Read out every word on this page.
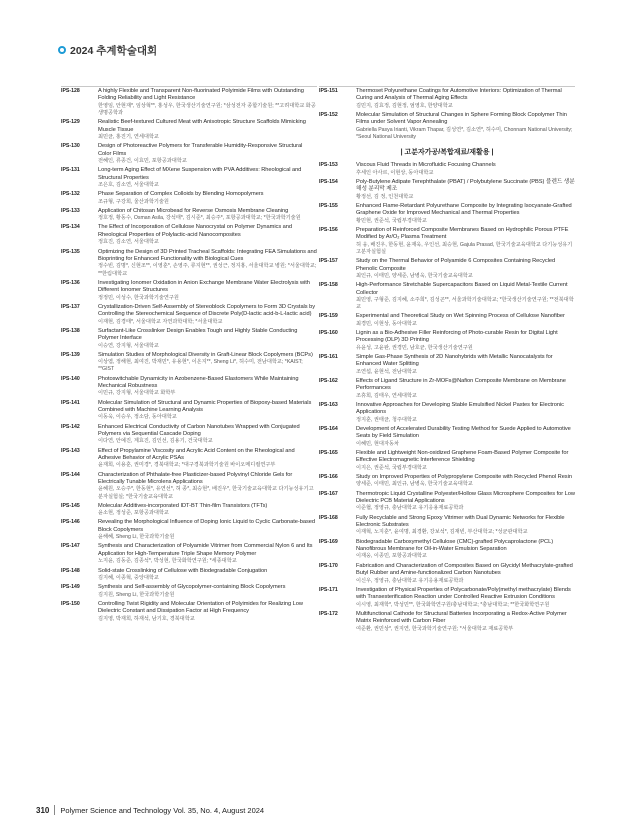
2024 추계학술대회
IPS-128	A highly Flexible and Transparent Non-fluorinated Polyimide Films with Outstanding Folding Reliability and Light Resistance
한영임, 안현재*, 임상혁**, 홍성우, 한국생산기술연구원; *삼성전자 종합기술원; **고려대학교 화공생명공학과
IPS-129	Realistic Beef-textured Cultured Meat with Anisotropic Structure Scaffolds Mimicking Muscle Tissue
최민균, 홍진기, 연세대학교
IPS-130	Design of Photoreactive Polymers for Transferable Humidity-Responsive Structural Color Films
전혜인, 류종건, 이효민, 포항공과대학교
IPS-131	Long-term Aging Effect of MXene Suspension with PVA Additives: Rheological and Structural Properties
조은호, 김소연, 서울대학교
IPS-132	Phase Separation of Complex Colloids by Blending Homopolymers
조규형, 구강희, 울산과학기술원
IPS-133	Application of Chitosan Microbead for Reverse Osmosis Membrane Cleaning
정호정, 황동수, Osman Asila, 강석태*, 김시준*, 최승주*, 포항공과대학교; *한국과학기술원
IPS-134	The Effect of Incorporation of Cellulose Nanocrystal on Polymer Dynamics and Rheological Properties of Polylactic-acid Nanocomposites
정효진, 김소연, 서울대학교
IPS-135	Optimizing the Design of 3D Printed Tracheal Scaffolds: Integrating FEA Simulations and Bioprinting for Enhanced Functionality with Biological Cues
정수빈, 김명*, 신현조**, 이영훈*, 손영주, 류지현**, 권성근, 정지홍, 서울대학교 병원; *서울대학교; **한림대학교
IPS-136	Investigating Ionomer Oxidation in Anion Exchange Membrane Water Electrolysis with Different Ionomer Structures
정정민, 이성수, 한국과학기술연구원
IPS-137	Crystallization-Driven Self-Assembly of Stereoblock Copolymers to Form 3D Crystals by Controlling the Stereochemical Sequence of Discrete Poly(D-lactic acid-b-L-lactic acid)
이재현, 김경태*, 서울대학교 자연과학대학; *서울대학교
IPS-138	Surfactant-Like Crosslinker Design Enables Tough and Highly Stable Conducting Polymer Interface
이승연, 강지형, 서울대학교
IPS-139	Simulation Studies of Morphological Diversity in Graft-Linear Block Copolymers (BCPs)
이상엽, 정해현, 최여진, 박재민*, 유용현*, 이온지**, Sheng Li*, 허수미, 전남대학교; *KAIST; **GIST
IPS-140	Photoswitchable Dynamicity in Azobenzene-Based Elastomers While Maintaining Mechanical Robustness
이민규, 강지형, 서울대학교 화학부
IPS-141	Molecular Simulation of Structural and Dynamic Properties of Biopoxy-based Materials Combined with Machine Learning Analysis
이동욱, 이승우, 정소담, 동아대학교
IPS-142	Enhanced Electrical Conductivity of Carbon Nanotubes Wrapped with Conjugated Polymers via Sequential Cascade Doping
이다연, 안예진, 계효진, 김인선, 김용기, 건국대학교
IPS-143	Effect of Propylamine Viscosity and Acrylic Acid Content on the Rheological and Adhesive Behavior of Acrylic PSAs
윤재희, 이용훈, 권미경*, 경북대학교; *대구경북과학기술원 바이오메디컬연구부
IPS-144	Characterization of Phthalate-free Plasticizer-based Polyvinyl Chloride Gels for Electrically Tunable Microlens Applications
윤혜원, 오승주*, 한동현*, 유연선*, 허 종*, 최승현*, 배진우*, 한국기술교육대학교 다기능성유기고분자실험실; *한국기술교육대학교
IPS-145	Molecular Additives-incorporated IDT-BT Thin-film Transistors (TFTs)
윤소현, 정성준, 포항공과대학교
IPS-146	Revealing the Morphological Influence of Doping Ionic Liquid to Cyclic Carbonate-based Block Copolymers
윤해혜, Sheng Li, 한국과학기술원
IPS-147	Synthesis and Characterization of Polyamide Vitrimer from Commercial Nylon 6 and Its Application for High-Temperature Triple Shape Memory Polymer
노지윤, 김동준, 김종석*, 박성현, 한국화학연구원; *세종대학교
IPS-148	Solid-state Crosslinking of Cellulose with Biodegradable Conjugation
김지혜, 이종혁, 중앙대학교
IPS-149	Synthesis and Self-assembly of Glycopolymer-containing Block Copolymers
김지원, Sheng Li, 한국과학기술원
IPS-150	Controlling Twist Rigidity and Molecular Orientation of Polyimides for Realizing Low Dielectric Constant and Dissipation Factor at High Frequency
김지영, 박재희, 하재석, 남기호, 경북대학교
IPS-151	Thermoset Polyurethane Coatings for Automotive Interiors: Optimization of Thermal Curing and Analysis of Thermal Aging Effects
김민지, 김효정, 김현정, 엄영호, 한양대학교
IPS-152	Molecular Simulation of Structural Changes in Sphere Forming Block Copolymer Thin Films under Solvent Vapor Annealing
Gabriella Pasya Irianti, Vikram Thapar, 김성연*, 김소연*, 허수미, Chonnam National University; *Seoul National University
| 고분자가공/복합재료/재활용 |
IPS-153	Viscous Fluid Threads in Microfluidic Focusing Channels
후세인 아사르, 이현상, 동아대학교
IPS-154	Poly-Butylene Adipate Terephthalate (PBAT) / Polybutylene Succinate (PBS) 블렌드 생분해성 분리막 제조
황정선, 김 정, 인천대학교
IPS-155	Enhanced Flame-Retardant Polyurethane Composite by Integrating Isocyanate-Grafted Graphene Oxide for Improved Mechanical and Thermal Properties
황민현, 권준석, 국립부경대학교
IPS-156	Preparation of Reinforced Composite Membranes Based on Hydrophilic Porous PTFE Modified by Ar/O₂ Plasma Treatment
허 웅, 배진우, 한동현, 윤재욱, 우인선, 최승현, Gajula Prasad, 한국기술교육대학교 다기능성유기고분자실험실
IPS-157	Study on the Thermal Behavior of Polyamide 6 Composites Containing Recycled Phenolic Composite
최인규, 이태민, 양세준, 남병욱, 한국기술교육대학교
IPS-158	High-Performance Stretchable Supercapacitors Based on Liquid Metal-Textile Current Collector
최민영, 구형준, 김지혜, 소주희*, 김성곤**, 서울과학기술대학교; *한국생산기술연구원; **전북대학교
IPS-159	Experimental and Theoretical Study on Wet Spinning Process of Cellulose Nanofiber
최경민, 이현상, 동아대학교
IPS-160	Lignin as a Bio-Adhesive Filler Reinforcing of Photo-curable Resin for Digital Light Processing (DLP) 3D Printing
유윤성, 고윤완, 권경민, 남호균, 한국생산기술연구원
IPS-161	Simple Gas-Phase Synthesis of 2D Nanohybrids with Metallic Nanocatalysts for Enhanced Water Splitting
조연섭, 윤현석, 전남대학교
IPS-162	Effects of Ligand Structure in Zr-MOFs@Nafion Composite Membrane on Membrane Performances
조휴희, 김태우, 연세대학교
IPS-163	Innovative Approaches for Developing Stable Emulsified Nickel Pastes for Electronic Applications
정지훈, 권태균, 청주대학교
IPS-164	Development of Accelerated Durability Testing Method for Suede Applied to Automotive Seats by Field Simulation
이혜민, 현대자동차
IPS-165	Flexible and Lightweight Non-oxidized Graphene Foam-Based Polymer Composite for Effective Electromagnetic Interference Shielding
이지은, 권준석, 국립부경대학교
IPS-166	Study on Improved Properties of Polypropylene Composite with Recycled Phenol Resin
양세준, 이태민, 최인규, 남병욱, 한국기술교육대학교
IPS-167	Thermotropic Liquid Crystalline Polyester/Hollow Glass Microsphere Composites for Low Dielectric PCB Material Applications
이준협, 정영규, 충남대학교 유기응용재료공학과
IPS-168	Fully Recyclable and Strong Epoxy Vitrimer with Dual Dynamic Networks for Flexible Electronic Substrates
이재혁, 노지훈*, 윤여명, 최경환, 강보석*, 김재빈, 부산대학교; *성균관대학교
IPS-169	Biodegradable Carboxymethyl Cellulose (CMC)-grafted Polycaprolactone (PCL) Nanofibrous Membrane for Oil-in-Water Emulsion Separation
이재웅, 이종민, 포항공과대학교
IPS-170	Fabrication and Characterization of Composites Based on Glycidyl Methacrylate-grafted Butyl Rubber and Amine-functionalized Carbon Nanotubes
이신우, 정영규, 충남대학교 유기응용재료공학과
IPS-171	Investigation of Physical Properties of Polycarbonate/Poly(methyl methacrylate) Blends with Transesterification Reaction under Controlled Reactive Extrusion Conditions
이시영, 최재학*, 박성민**, 한국화학연구원/충남대학교; *충남대학교; **한국화학연구원
IPS-172	Multifunctional Cathode for Structural Batteries Incorporating a Redox-Active Polymer Matrix Reinforced with Carbon Fiber
여준환, 권민상*, 권지연, 한국과학기술연구원; *서울대학교 재료공학부
310 Polymer Science and Technology Vol. 35, No. 4, August 2024
